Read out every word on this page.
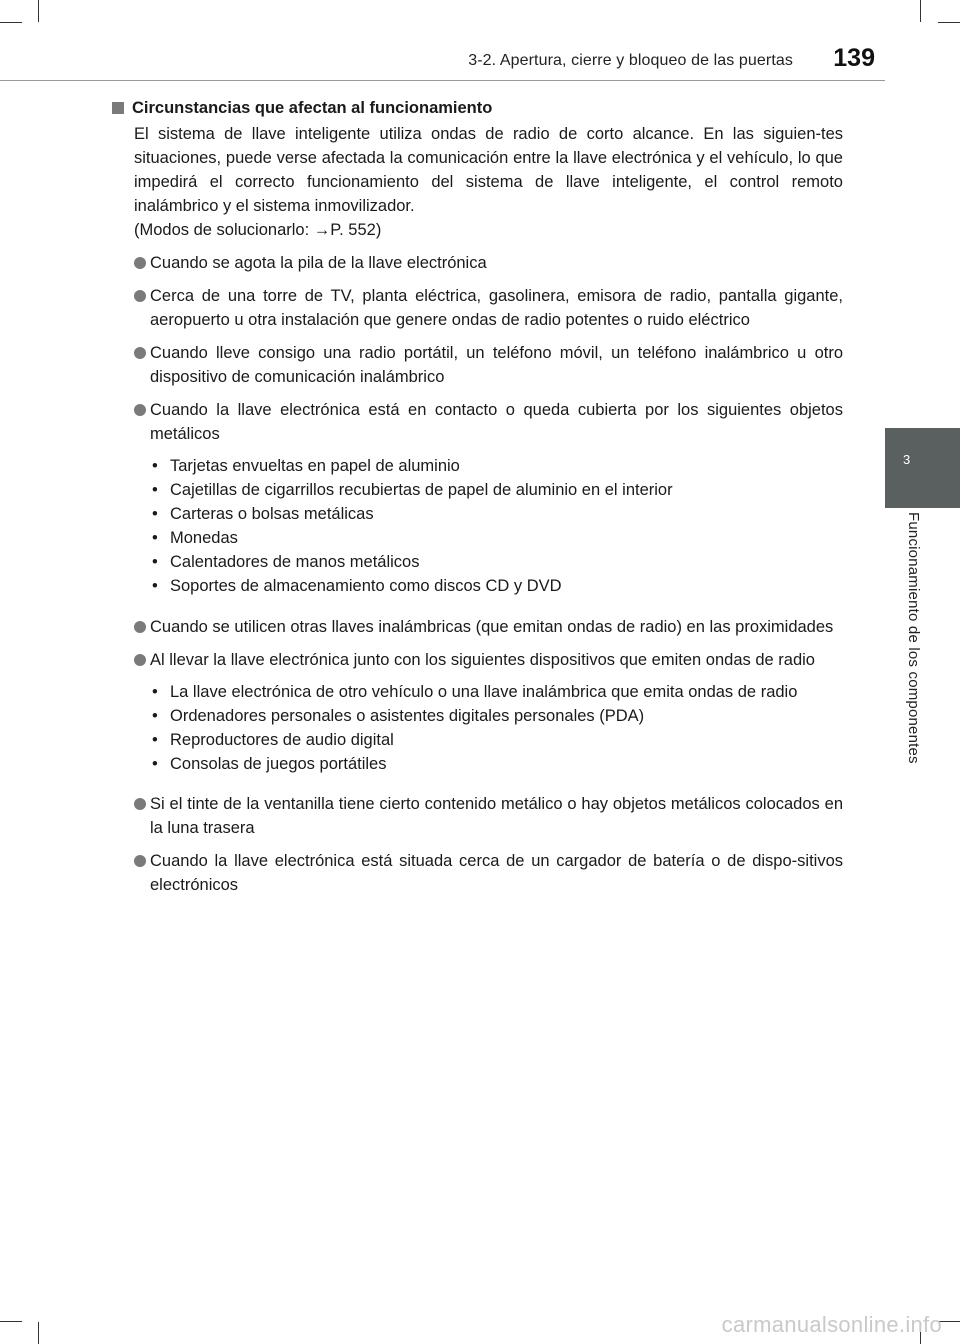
3-2. Apertura, cierre y bloqueo de las puertas 139
3
Funcionamiento de los componentes
Circunstancias que afectan al funcionamiento

El sistema de llave inteligente utiliza ondas de radio de corto alcance. En las siguien-tes situaciones, puede verse afectada la comunicación entre la llave electrónica y el vehículo, lo que impedirá el correcto funcionamiento del sistema de llave inteligente, el control remoto inalámbrico y el sistema inmovilizador.

(Modos de solucionarlo: →P. 552)

Cuando se agota la pila de la llave electrónica
Cerca de una torre de TV, planta eléctrica, gasolinera, emisora de radio, pantalla gigante, aeropuerto u otra instalación que genere ondas de radio potentes o ruido eléctrico
Cuando lleve consigo una radio portátil, un teléfono móvil, un teléfono inalámbrico u otro dispositivo de comunicación inalámbrico
Cuando la llave electrónica está en contacto o queda cubierta por los siguientes objetos metálicos
• Tarjetas envueltas en papel de aluminio
• Cajetillas de cigarrillos recubiertas de papel de aluminio en el interior
• Carteras o bolsas metálicas
• Monedas
• Calentadores de manos metálicos
• Soportes de almacenamiento como discos CD y DVD
Cuando se utilicen otras llaves inalámbricas (que emitan ondas de radio) en las proximidades
Al llevar la llave electrónica junto con los siguientes dispositivos que emiten ondas de radio
• La llave electrónica de otro vehículo o una llave inalámbrica que emita ondas de radio
• Ordenadores personales o asistentes digitales personales (PDA)
• Reproductores de audio digital
• Consolas de juegos portátiles
Si el tinte de la ventanilla tiene cierto contenido metálico o hay objetos metálicos colocados en la luna trasera
Cuando la llave electrónica está situada cerca de un cargador de batería o de dispo-sitivos electrónicos
carmanualsonline.info
